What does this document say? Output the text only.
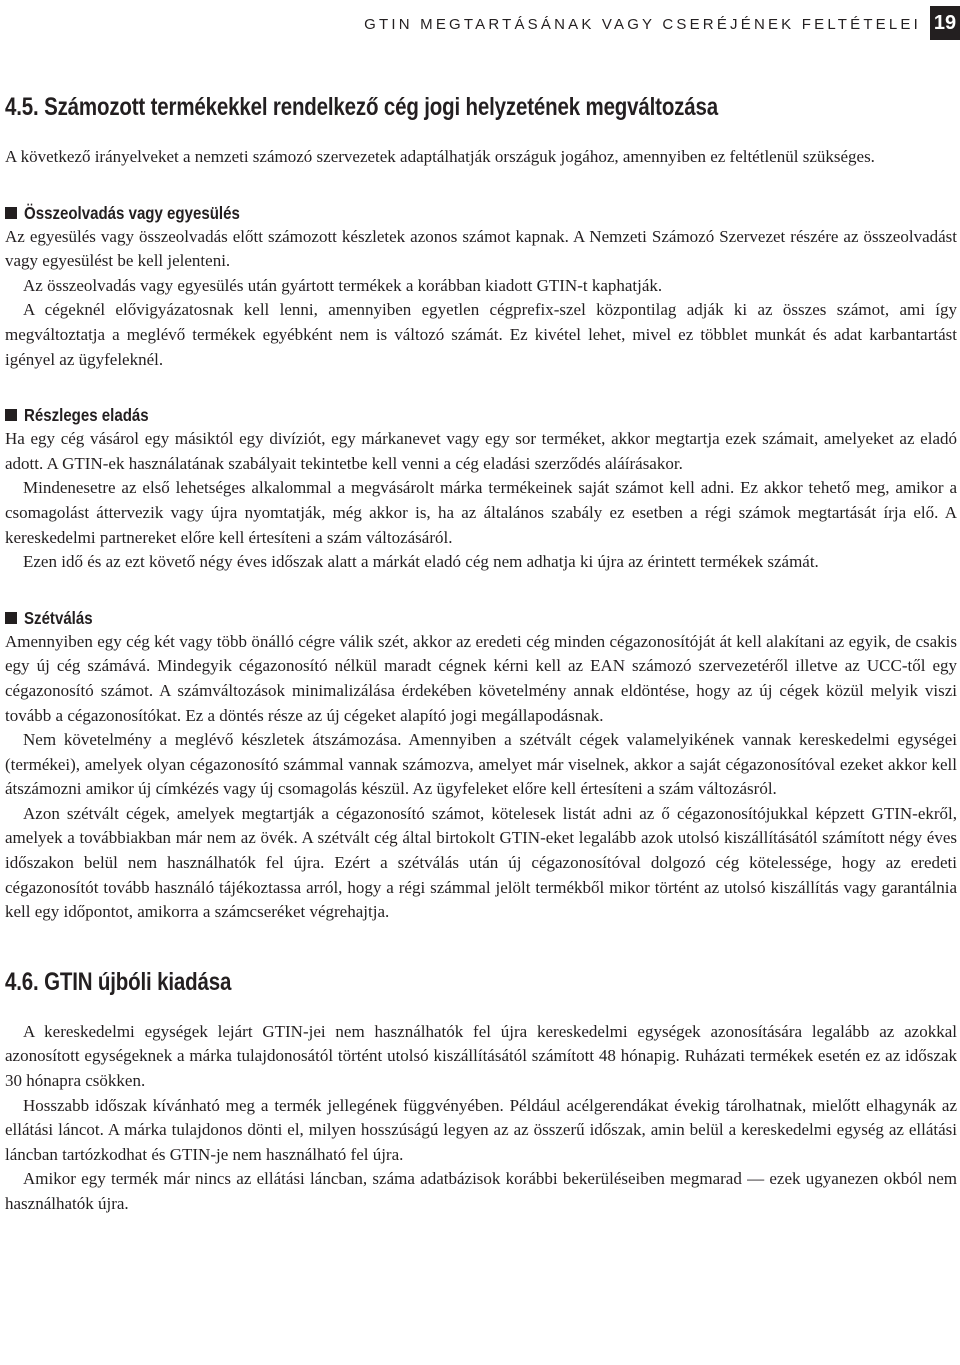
GTIN MEGTARTÁSÁNAK VAGY CSERÉJÉNEK FELTÉTELEI 19
4.5. Számozott termékekkel rendelkező cég jogi helyzetének megváltozása

A következő irányelveket a nemzeti számozó szervezetek adaptálhatják országuk jogához, amennyiben ez feltétlenül szükséges.

Összeolvadás vagy egyesülés

Az egyesülés vagy összeolvadás előtt számozott készletek azonos számot kapnak. A Nemzeti Számozó Szervezet részére az összeolvadást vagy egyesülést be kell jelenteni.

Az összeolvadás vagy egyesülés után gyártott termékek a korábban kiadott GTIN-t kaphatják.

A cégeknél elővigyázatosnak kell lenni, amennyiben egyetlen cégprefix-szel központilag adják ki az összes számot, ami így megváltoztatja a meglévő termékek egyébként nem is változó számát. Ez kivétel lehet, mivel ez többlet munkát és adat karbantartást igényel az ügyfeleknél.

Részleges eladás

Ha egy cég vásárol egy másiktól egy divíziót, egy márkanevet vagy egy sor terméket, akkor megtartja ezek számait, amelyeket az eladó adott. A GTIN-ek használatának szabályait tekintetbe kell venni a cég eladási szerződés aláírásakor.

Mindenesetre az első lehetséges alkalommal a megvásárolt márka termékeinek saját számot kell adni. Ez akkor tehető meg, amikor a csomagolást áttervezik vagy újra nyomtatják, még akkor is, ha az általános szabály ez esetben a régi számok megtartását írja elő. A kereskedelmi partnereket előre kell értesíteni a szám változásáról.

Ezen idő és az ezt követő négy éves időszak alatt a márkát eladó cég nem adhatja ki újra az érintett termékek számát.

Szétválás

Amennyiben egy cég két vagy több önálló cégre válik szét, akkor az eredeti cég minden cégazonosítóját át kell alakítani az egyik, de csakis egy új cég számává. Mindegyik cégazonosító nélkül maradt cégnek kérni kell az EAN számozó szervezetéről illetve az UCC-től egy cégazonosító számot. A számváltozások minimalizálása érdekében követelmény annak eldöntése, hogy az új cégek közül melyik viszi tovább a cégazonosítókat. Ez a döntés része az új cégeket alapító jogi megállapodásnak.

Nem követelmény a meglévő készletek átszámozása. Amennyiben a szétvált cégek valamelyikének vannak kereskedelmi egységei (termékei), amelyek olyan cégazonosító számmal vannak számozva, amelyet már viselnek, akkor a saját cégazonosítóval ezeket akkor kell átszámozni amikor új címkézés vagy új csomagolás készül. Az ügyfeleket előre kell értesíteni a szám változásról.

Azon szétvált cégek, amelyek megtartják a cégazonosító számot, kötelesek listát adni az ő cégazonosítójukkal képzett GTIN-ekről, amelyek a továbbiakban már nem az övék. A szétvált cég által birtokolt GTIN-eket legalább azok utolsó kiszállításától számított négy éves időszakon belül nem használhatók fel újra. Ezért a szétválás után új cégazonosítóval dolgozó cég kötelessége, hogy az eredeti cégazonosítót tovább használó tájékoztassa arról, hogy a régi számmal jelölt termékből mikor történt az utolsó kiszállítás vagy garantálnia kell egy időpontot, amikorra a számcseréket végrehajtja.

4.6. GTIN újbóli kiadása

A kereskedelmi egységek lejárt GTIN-jei nem használhatók fel újra kereskedelmi egységek azonosítására legalább az azokkal azonosított egységeknek a márka tulajdonosától történt utolsó kiszállításától számított 48 hónapig. Ruházati termékek esetén ez az időszak 30 hónapra csökken.

Hosszabb időszak kívánható meg a termék jellegének függvényében. Például acélgerendákat évekig tárolhatnak, mielőtt elhagynák az ellátási láncot. A márka tulajdonos dönti el, milyen hosszúságú legyen az az összerű időszak, amin belül a kereskedelmi egység az ellátási láncban tartózkodhat és GTIN-je nem használható fel újra.

Amikor egy termék már nincs az ellátási láncban, száma adatbázisok korábbi bekerüléseiben megmarad — ezek ugyanezen okból nem használhatók újra.
